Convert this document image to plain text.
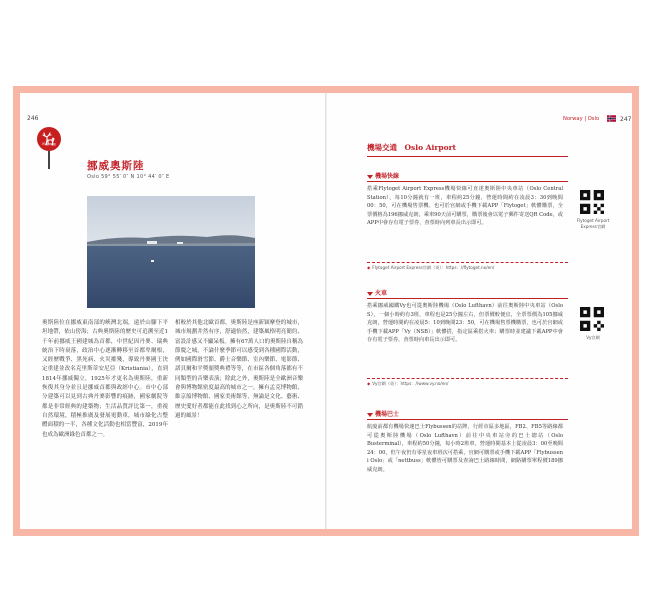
246
Norway
挪威奧斯陸
Oslo 59° 55′ 0″ N 10° 44′ 0″ E
奧斯陸位在挪威東南部的峽灣北端，遠於山腳下平坦地帶，依山傍海；古典奧斯陸的歷史可追溯至近1千年前挪威王國建城為首都，中世紀因丹麥、瑞典統治下時衰落，政治中心逐漸轉移至首都卑爾根，又經歷戰爭、黑死病、火災摧殘，導致丹麥國王決定重建並改名克里斯蒂安尼亞（Kristiania），直到1814年挪威獨立，1925年才更名為奧斯陸，重新恢復其身分並且是挪威首都與政經中心。市中心部分建築可以見到古典丹麥影響的痕跡，國家劇院等都是非常經典的建築物；生活品質評比第一，重視自然環境，積極推廣及發展電動車，城市綠化占整體面積的一半，各種文化活動也相當豐富，2019年也成為歐洲綠色首都之一。
相較於其他北歐首都，奧斯陸是座新穎摩登的城市，城市規劃井然有序，舒適怡然，建築風格明亮簡約、富設計感又不顯呆板。擁有67萬人口的奧斯陸自稱為節慶之城，不論什麼季節可以感受到各種國際活動，例如國際滑雪節、爵士音樂節、室內樂節、電影節、諾貝爾和平獎頒獎典禮等等，在市區各個角落都有不同類型的音樂表演；除此之外，奧斯陸是全歐洲音樂會與博物館密度最高的城市之一，擁有孟克博物館、維京船博物館、國家美術館等，無論是文化、藝術、歷史愛好者都能在此找到心之所向，是奧斯陸不可錯過的風景！
Norway | Oslo	247
機場交通　Oslo Airport
機場快線
搭乘Flytoget Airport Express機場快線可直達奧斯陸中央車站（Oslo Central Station），每10分鐘就有一班，車程約25分鐘，營運時間約在凌晨3：30到晚間00：50，可在機場售票機、也可於官網或手機下載APP「Flytoget」軟體購票，全票價格為196挪威克朗，乘車90天前可購票，購票後會以電子郵件寄送QR Code，或APP中會存有電子票券，查票時向列車長出示即可。
◆ Flytoget Airport Express官網（英）：https：//flytoget.no/en/
Flytoget Airport Express官網
火車
搭乘挪威國鐵Vy也可從奧斯陸機場（Oslo Lufthavn）前往奧斯陸中央車站（Oslo S），一個小時約有3班，車程也是25分鐘左右，但票價較便宜，全票票價為105挪威克朗，營運時間約在凌晨5：10到晚間23：50，可在機場售票機購票，也可於官網或手機下載APP「Vy（NSB）」軟體搭，指定區乘搭火車；購票時並建議下載APP中會存有電子票券，查票時向車長出示即可。
◆ Vy官網（英）：https：//www.vy.no/en/
Vy官網
機場巴士
航廈前都有機場快速巴士Flybussen的站牌，行經市區多地區，FB2、FB5等路線都可從奧斯陸機場（Oslo Lufthavn）前往中央車站旁的巴士總站（Oslo Busterminal），車程約50分鐘，每小時2班車，營運時間基本上從凌晨3：00至晚間24：00，但午夜仍有零星夜車班次可搭乘，官網可購票或手機下載APP「Flybussen i Oslo」或「nettbuss」軟體皆可購票及查詢巴士路線時間，網路購票單程價189挪威克朗。
